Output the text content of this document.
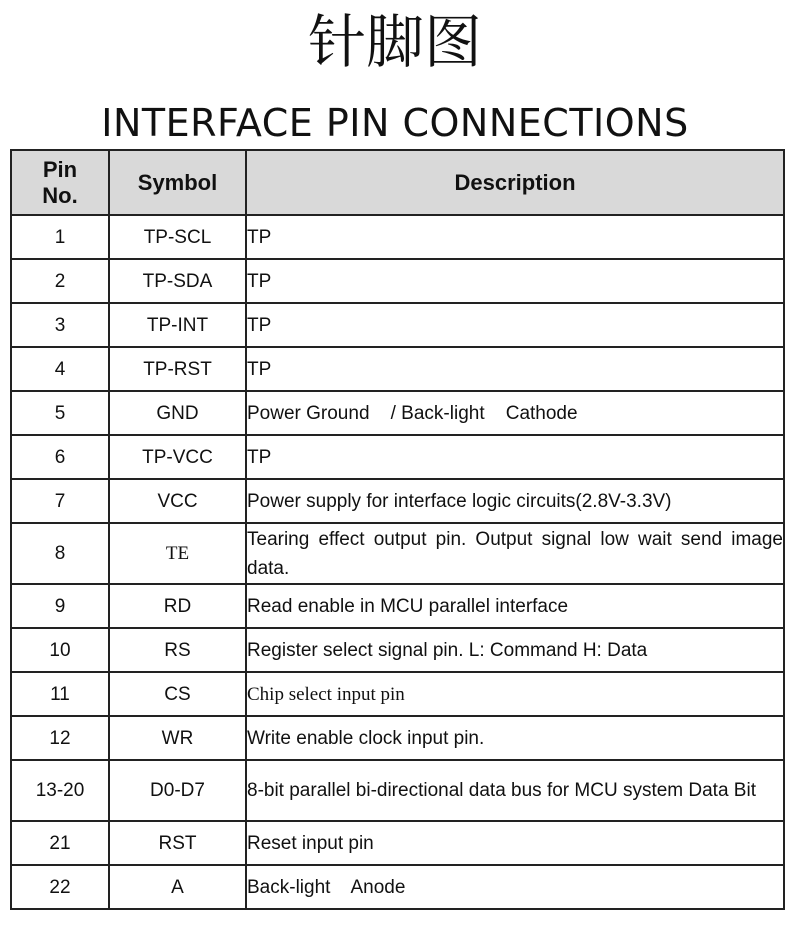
针脚图
INTERFACE PIN CONNECTIONS
Pin No.	Symbol	Description
1	TP-SCL	TP
2	TP-SDA	TP
3	TP-INT	TP
4	TP-RST	TP
5	GND	Power Ground    / Back-light    Cathode
6	TP-VCC	TP
7	VCC	Power supply for interface logic circuits(2.8V-3.3V)
8	TE	Tearing effect output pin. Output signal low wait send image data.
9	RD	Read enable in MCU parallel interface
10	RS	Register select signal pin. L: Command H: Data
11	CS	Chip select input pin
12	WR	Write enable clock input pin.
13-20	D0-D7	8-bit parallel bi-directional data bus for MCU system Data Bit
21	RST	Reset input pin
22	A	Back-light    Anode
